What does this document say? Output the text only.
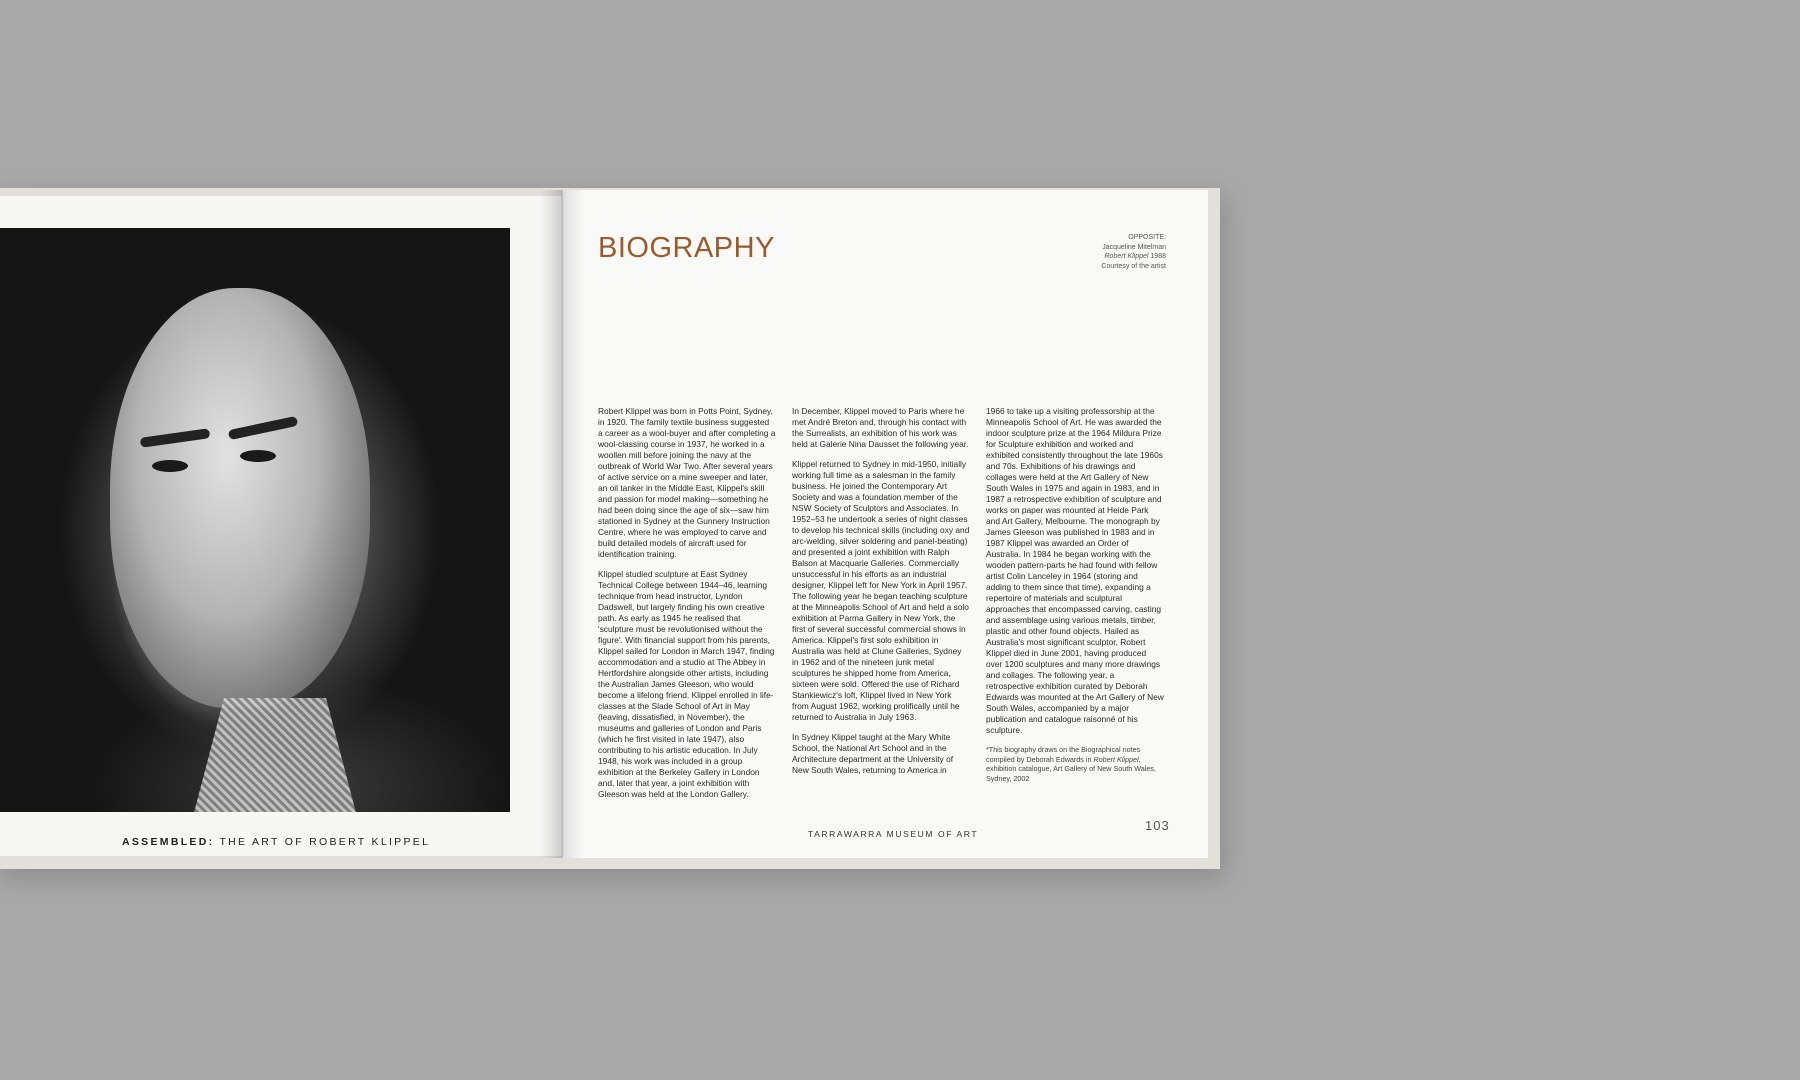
ASSEMBLED: THE ART OF ROBERT KLIPPEL
BIOGRAPHY	OPPOSITE:
Jacqueline Mitelman
Robert Klippel 1988
Courtesy of the artist

Robert Klippel was born in Potts Point, Sydney, in 1920. The family textile business suggested a career as a wool-buyer and after completing a wool-classing course in 1937, he worked in a woollen mill before joining the navy at the outbreak of World War Two. After several years of active service on a mine sweeper and later, an oil tanker in the Middle East, Klippel's skill and passion for model making—something he had been doing since the age of six—saw him stationed in Sydney at the Gunnery Instruction Centre, where he was employed to carve and build detailed models of aircraft used for identification training.

Klippel studied sculpture at East Sydney Technical College between 1944–46, learning technique from head instructor, Lyndon Dadswell, but largely finding his own creative path. As early as 1945 he realised that 'sculpture must be revolutionised without the figure'. With financial support from his parents, Klippel sailed for London in March 1947, finding accommodation and a studio at The Abbey in Hertfordshire alongside other artists, including the Australian James Gleeson, who would become a lifelong friend. Klippel enrolled in life-classes at the Slade School of Art in May (leaving, dissatisfied, in November), the museums and galleries of London and Paris (which he first visited in late 1947), also contributing to his artistic education. In July 1948, his work was included in a group exhibition at the Berkeley Gallery in London and, later that year, a joint exhibition with Gleeson was held at the London Gallery.

In December, Klippel moved to Paris where he met André Breton and, through his contact with the Surrealists, an exhibition of his work was held at Galerie Nina Dausset the following year.

Klippel returned to Sydney in mid-1950, initially working full time as a salesman in the family business. He joined the Contemporary Art Society and was a foundation member of the NSW Society of Sculptors and Associates. In 1952–53 he undertook a series of night classes to develop his technical skills (including oxy and arc-welding, silver soldering and panel-beating) and presented a joint exhibition with Ralph Balson at Macquarie Galleries. Commercially unsuccessful in his efforts as an industrial designer, Klippel left for New York in April 1957. The following year he began teaching sculpture at the Minneapolis School of Art and held a solo exhibition at Parma Gallery in New York, the first of several successful commercial shows in America. Klippel's first solo exhibition in Australia was held at Clune Galleries, Sydney in 1962 and of the nineteen junk metal sculptures he shipped home from America, sixteen were sold. Offered the use of Richard Stankiewicz's loft, Klippel lived in New York from August 1962, working prolifically until he returned to Australia in July 1963.

In Sydney Klippel taught at the Mary White School, the National Art School and in the Architecture department at the University of New South Wales, returning to America in

1966 to take up a visiting professorship at the Minneapolis School of Art. He was awarded the indoor sculpture prize at the 1964 Mildura Prize for Sculpture exhibition and worked and exhibited consistently throughout the late 1960s and 70s. Exhibitions of his drawings and collages were held at the Art Gallery of New South Wales in 1975 and again in 1983, and in 1987 a retrospective exhibition of sculpture and works on paper was mounted at Heide Park and Art Gallery, Melbourne. The monograph by James Gleeson was published in 1983 and in 1987 Klippel was awarded an Order of Australia. In 1984 he began working with the wooden pattern-parts he had found with fellow artist Colin Lanceley in 1964 (storing and adding to them since that time), expanding a repertoire of materials and sculptural approaches that encompassed carving, casting and assemblage using various metals, timber, plastic and other found objects. Hailed as Australia's most significant sculptor, Robert Klippel died in June 2001, having produced over 1200 sculptures and many more drawings and collages. The following year, a retrospective exhibition curated by Deborah Edwards was mounted at the Art Gallery of New South Wales, accompanied by a major publication and catalogue raisonné of his sculpture.

*This biography draws on the Biographical notes compiled by Deborah Edwards in Robert Klippel, exhibition catalogue, Art Gallery of New South Wales, Sydney, 2002

TARRAWARRA MUSEUM OF ART
103
